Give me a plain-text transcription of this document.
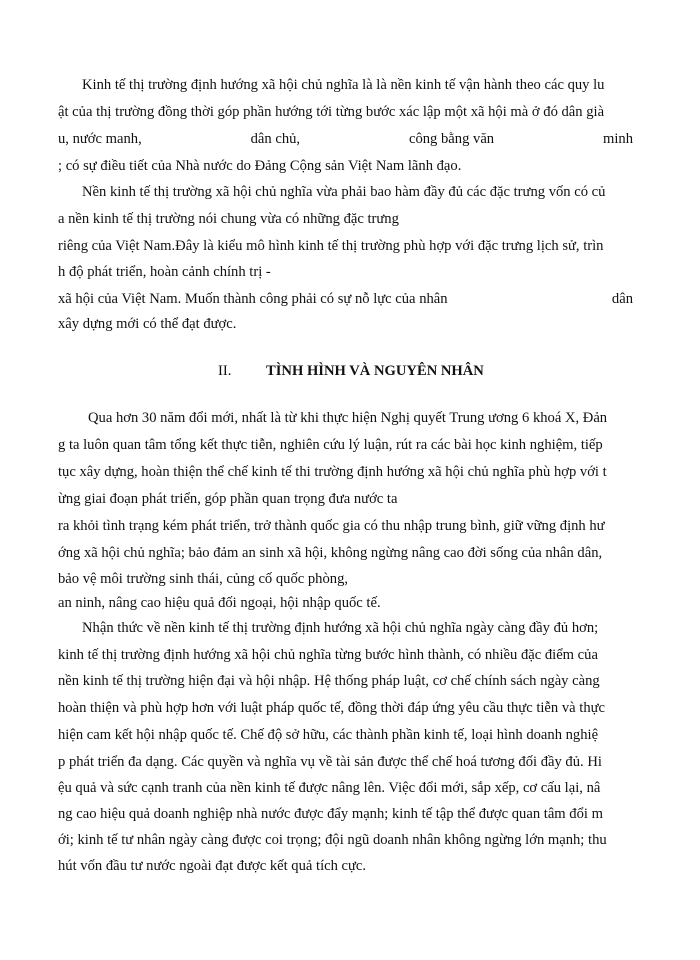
Kinh tế thị trường định hướng xã hội chủ nghĩa là là nền kinh tế vận hành theo các quy lu
ật của thị trường đồng thời góp phần hướng tới từng bước xác lập một xã hội mà ở đó dân già
u, nước manh,	dân chủ,	công bằng văn	minh
; có sự điều tiết của Nhà nước do Đảng Cộng sản Việt Nam lãnh đạo.
Nền kinh tế thị trường xã hội chủ nghĩa vừa phải bao hàm đầy đủ các đặc trưng vốn có củ
a nền kinh tế thị trường nói chung vừa có những đặc trưng
riêng của Việt Nam.Đây là kiểu mô hình kinh tế thị trường phù hợp với đặc trưng lịch sử, trìn
h độ phát triển, hoàn cảnh chính trị -
xã hội của Việt Nam. Muốn thành công phải có sự nỗ lực của nhân	dân
xây dựng mới có thể đạt được.
II. TÌNH HÌNH VÀ NGUYÊN NHÂN
Qua hơn 30 năm đổi mới, nhất là từ khi thực hiện Nghị quyết Trung ương 6 khoá X, Đản
g ta luôn quan tâm tổng kết thực tiễn, nghiên cứu lý luận, rút ra các bài học kinh nghiệm, tiếp
tục xây dựng, hoàn thiện thể chế kinh tế thi trường định hướng xã hội chủ nghĩa phù hợp với t
ừng giai đoạn phát triển, góp phần quan trọng đưa nước ta
ra khỏi tình trạng kém phát triển, trở thành quốc gia có thu nhập trung bình, giữ vững định hư
ớng xã hội chủ nghĩa; bảo đảm an sinh xã hội, không ngừng nâng cao đời sống của nhân dân,
bảo vệ môi trường sinh thái, củng cố quốc phòng,
an ninh, nâng cao hiệu quả đối ngoại, hội nhập quốc tế.
Nhận thức về nền kinh tế thị trường định hướng xã hội chủ nghĩa ngày càng đầy đủ hơn;
kinh tế thị trường định hướng xã hội chủ nghĩa từng bước hình thành, có nhiều đặc điểm của
nền kinh tế thị trường hiện đại và hội nhập. Hệ thống pháp luật, cơ chế chính sách ngày càng
hoàn thiện và phù hợp hơn với luật pháp quốc tế, đồng thời đáp ứng yêu cầu thực tiễn và thực
hiện cam kết hội nhập quốc tế. Chế độ sở hữu, các thành phần kinh tế, loại hình doanh nghiệ
p phát triển đa dạng. Các quyền và nghĩa vụ về tài sản được thể chế hoá tương đối đầy đủ. Hi
ệu quả và sức cạnh tranh của nền kinh tế được nâng lên. Việc đổi mới, sắp xếp, cơ cấu lại, nâ
ng cao hiệu quả doanh nghiệp nhà nước được đẩy mạnh; kinh tế tập thể được quan tâm đổi m
ới; kinh tế tư nhân ngày càng được coi trọng; đội ngũ doanh nhân không ngừng lớn mạnh; thu
hút vốn đầu tư nước ngoài đạt được kết quả tích cực.
